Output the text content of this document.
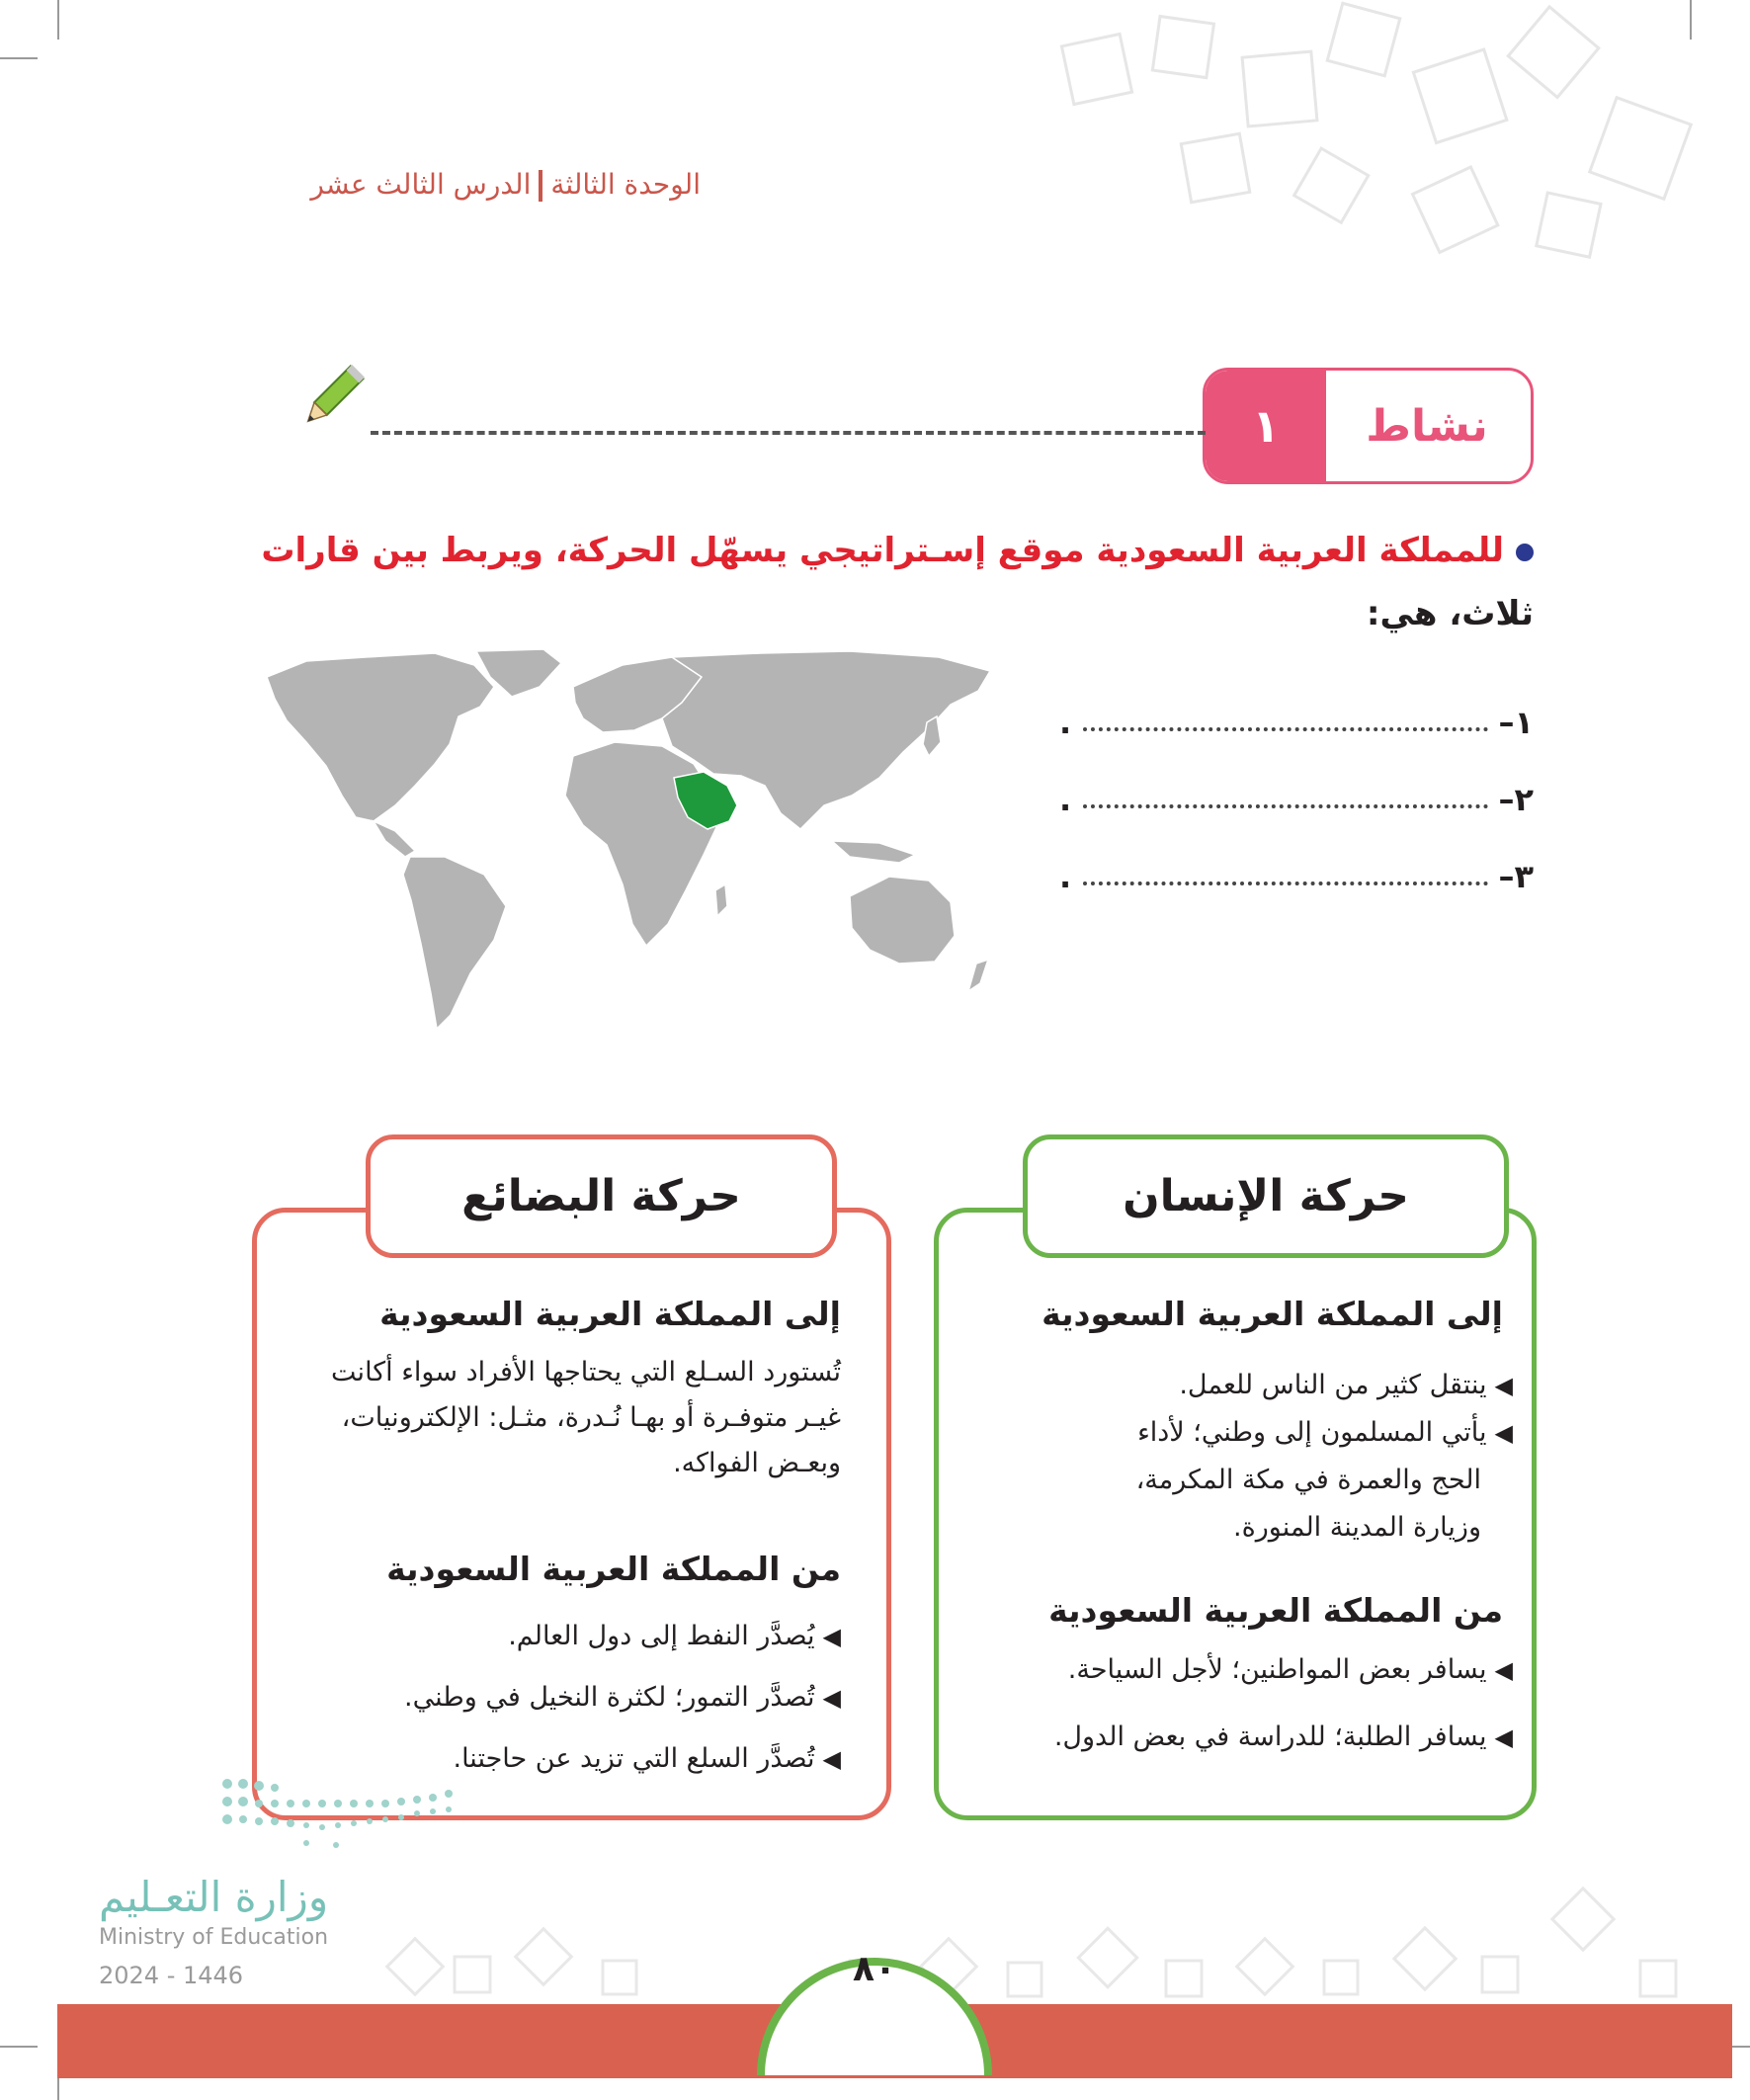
الوحدة الثالثةالدرس الثالث عشر
نشاط
١
للمملكة العربية السعودية موقع إسـتراتيجي يسهّل الحركة، ويربط بين قارات
ثلاث، هي:
١–
.
٢–
.
٣–
.
حركة البضائع
إلى المملكة العربية السعودية
تُستورد السـلع التي يحتاجها الأفراد سواء أكانت
غيـر متوفـرة أو بهـا نُـدرة، مثـل: الإلكترونيات،
وبعـض الفواكه.
من المملكة العربية السعودية
◀يُصدَّر النفط إلى دول العالم.
◀تُصدَّر التمور؛ لكثرة النخيل في وطني.
◀تُصدَّر السلع التي تزيد عن حاجتنا.
حركة الإنسان
إلى المملكة العربية السعودية
◀ينتقل كثير من الناس للعمل.
◀يأتي المسلمون إلى وطني؛ لأداء
الحج والعمرة في مكة المكرمة،
وزيارة المدينة المنورة.
من المملكة العربية السعودية
◀يسافر بعض المواطنين؛ لأجل السياحة.
◀يسافر الطلبة؛ للدراسة في بعض الدول.
وزارة التعـليم
Ministry of Education
2024 - 1446	٨٠
